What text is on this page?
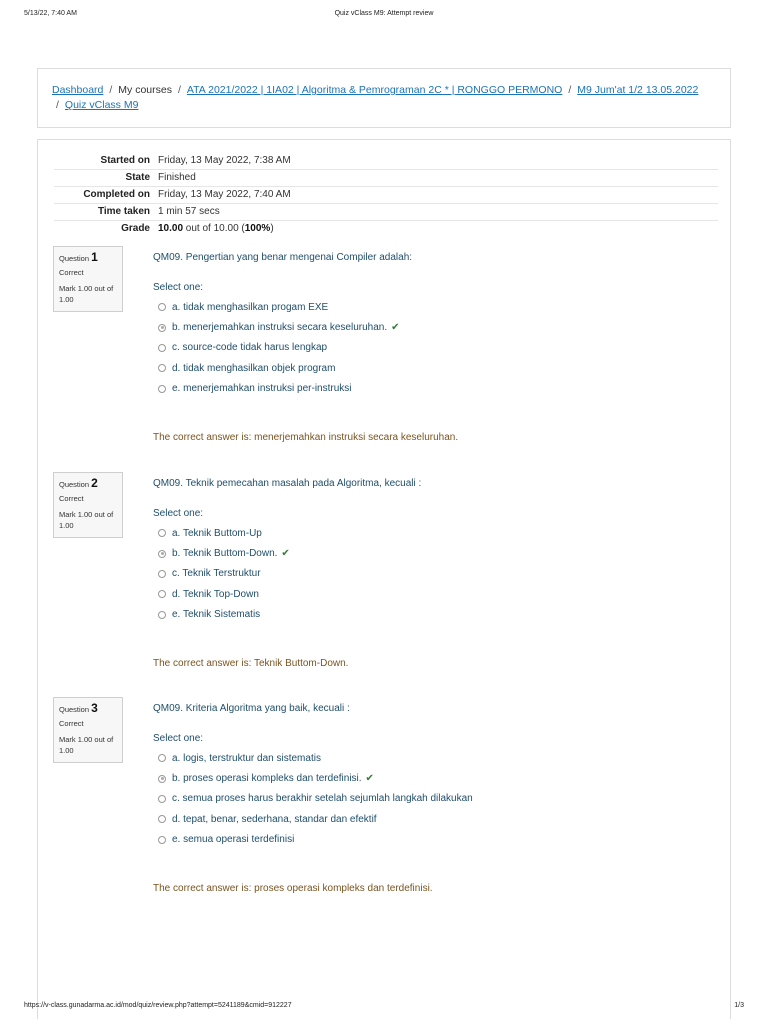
5/13/22, 7:40 AM	Quiz vClass M9: Attempt review
Dashboard / My courses / ATA 2021/2022 | 1IA02 | Algoritma & Pemrograman 2C * | RONGGO PERMONO / M9 Jum'at 1/2 13.05.2022
/ Quiz vClass M9
Started on	Friday, 13 May 2022, 7:38 AM
State	Finished
Completed on	Friday, 13 May 2022, 7:40 AM
Time taken	1 min 57 secs
Grade	10.00 out of 10.00 (100%)
Question 1
Correct
Mark 1.00 out of 1.00
QM09. Pengertian yang benar mengenai Compiler adalah:
Select one:
a. tidak menghasilkan progam EXE
b. menerjemahkan instruksi secara keseluruhan. ✔
c. source-code tidak harus lengkap
d. tidak menghasilkan objek program
e. menerjemahkan instruksi per-instruksi
The correct answer is: menerjemahkan instruksi secara keseluruhan.
Question 2
Correct
Mark 1.00 out of 1.00
QM09. Teknik pemecahan masalah pada Algoritma, kecuali :
Select one:
a. Teknik Buttom-Up
b. Teknik Buttom-Down. ✔
c. Teknik Terstruktur
d. Teknik Top-Down
e. Teknik Sistematis
The correct answer is: Teknik Buttom-Down.
Question 3
Correct
Mark 1.00 out of 1.00
QM09. Kriteria Algoritma yang baik, kecuali :
Select one:
a. logis, terstruktur dan sistematis
b. proses operasi kompleks dan terdefinisi. ✔
c. semua proses harus berakhir setelah sejumlah langkah dilakukan
d. tepat, benar, sederhana, standar dan efektif
e. semua operasi terdefinisi
The correct answer is: proses operasi kompleks dan terdefinisi.
https://v-class.gunadarma.ac.id/mod/quiz/review.php?attempt=5241189&cmid=912227	1/3
